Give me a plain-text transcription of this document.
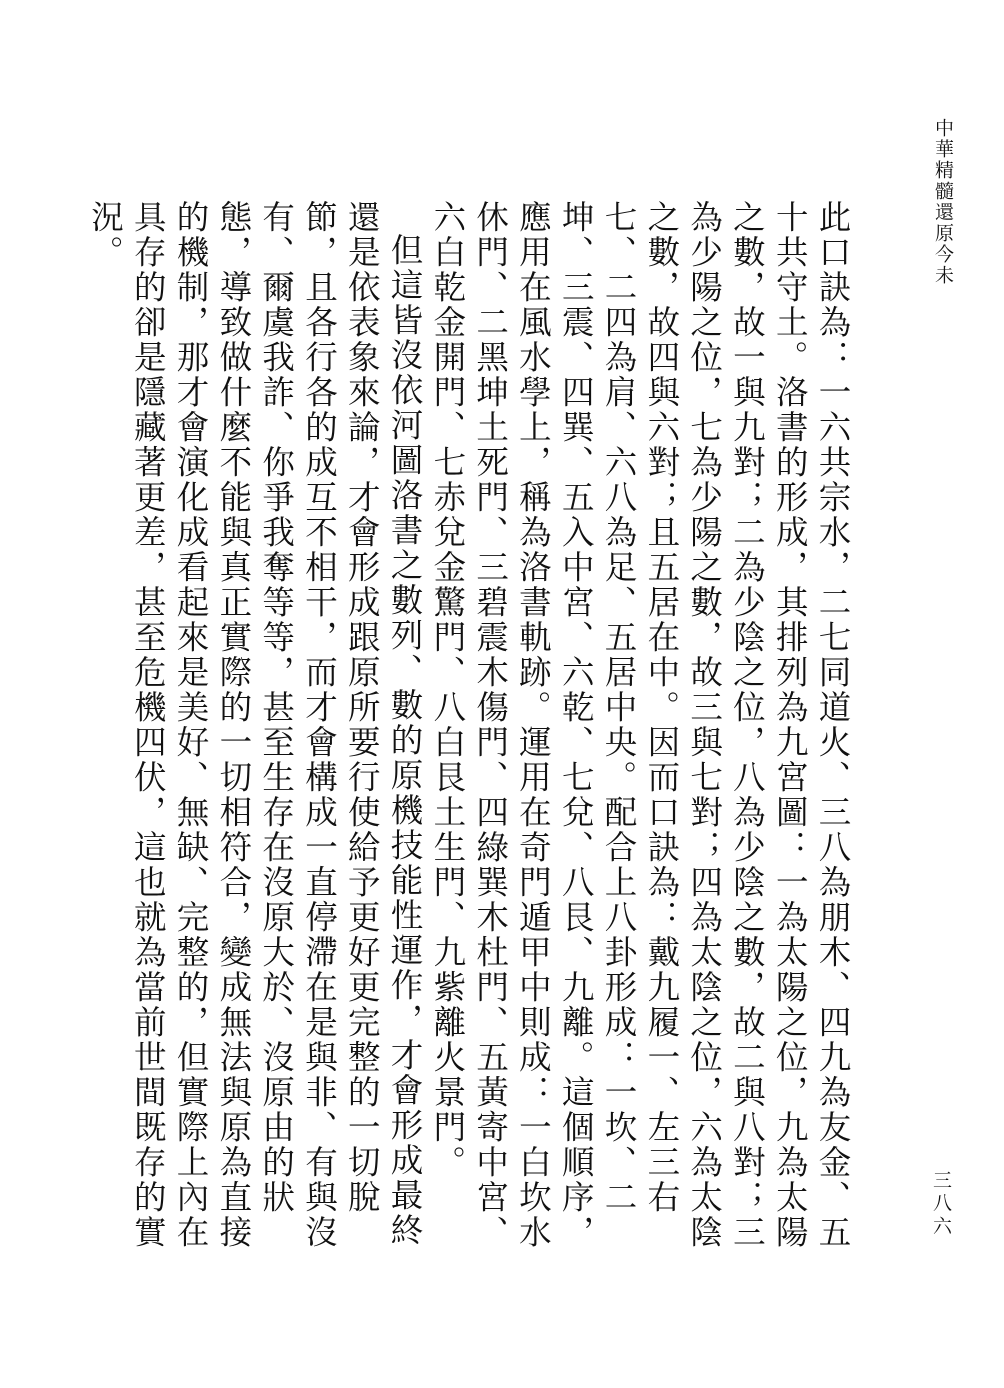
中華精髓還原今未

此口訣為：一六共宗水，二七同道火、三八為朋木、四九為友金、五十共守土。洛書的形成，其排列為九宮圖：一為太陽之位，九為太陽之數，故一與九對；二為少陰之位，八為少陰之數，故二與八對；三為少陽之位，七為少陽之數，故三與七對；四為太陰之位，六為太陰之數，故四與六對；且五居在中。因而口訣為：戴九履一、左三右七、二四為肩、六八為足、五居中央。配合上八卦形成：一坎、二坤、三震、四巽、五入中宮、六乾、七兌、八艮、九離。這個順序，應用在風水學上，稱為洛書軌跡。運用在奇門遁甲中則成：一白坎水休門、二黑坤土死門、三碧震木傷門、四綠巽木杜門、五黃寄中宮、六白乾金開門、七赤兌金驚門、八白艮土生門、九紫離火景門。

但這皆沒依河圖洛書之數列、數的原機技能性運作，才會形成最終還是依表象來論，才會形成跟原所要行使給予更好更完整的一切脫節，且各行各的成互不相干，而才會構成一直停滯在是與非、有與沒有、爾虞我詐、你爭我奪等等，甚至生存在沒原大於、沒原由的狀態，導致做什麼不能與真正實際的一切相符合，變成無法與原為直接的機制，那才會演化成看起來是美好、無缺、完整的，但實際上內在具存的卻是隱藏著更差，甚至危機四伏，這也就為當前世間既存的實況。

三八六
